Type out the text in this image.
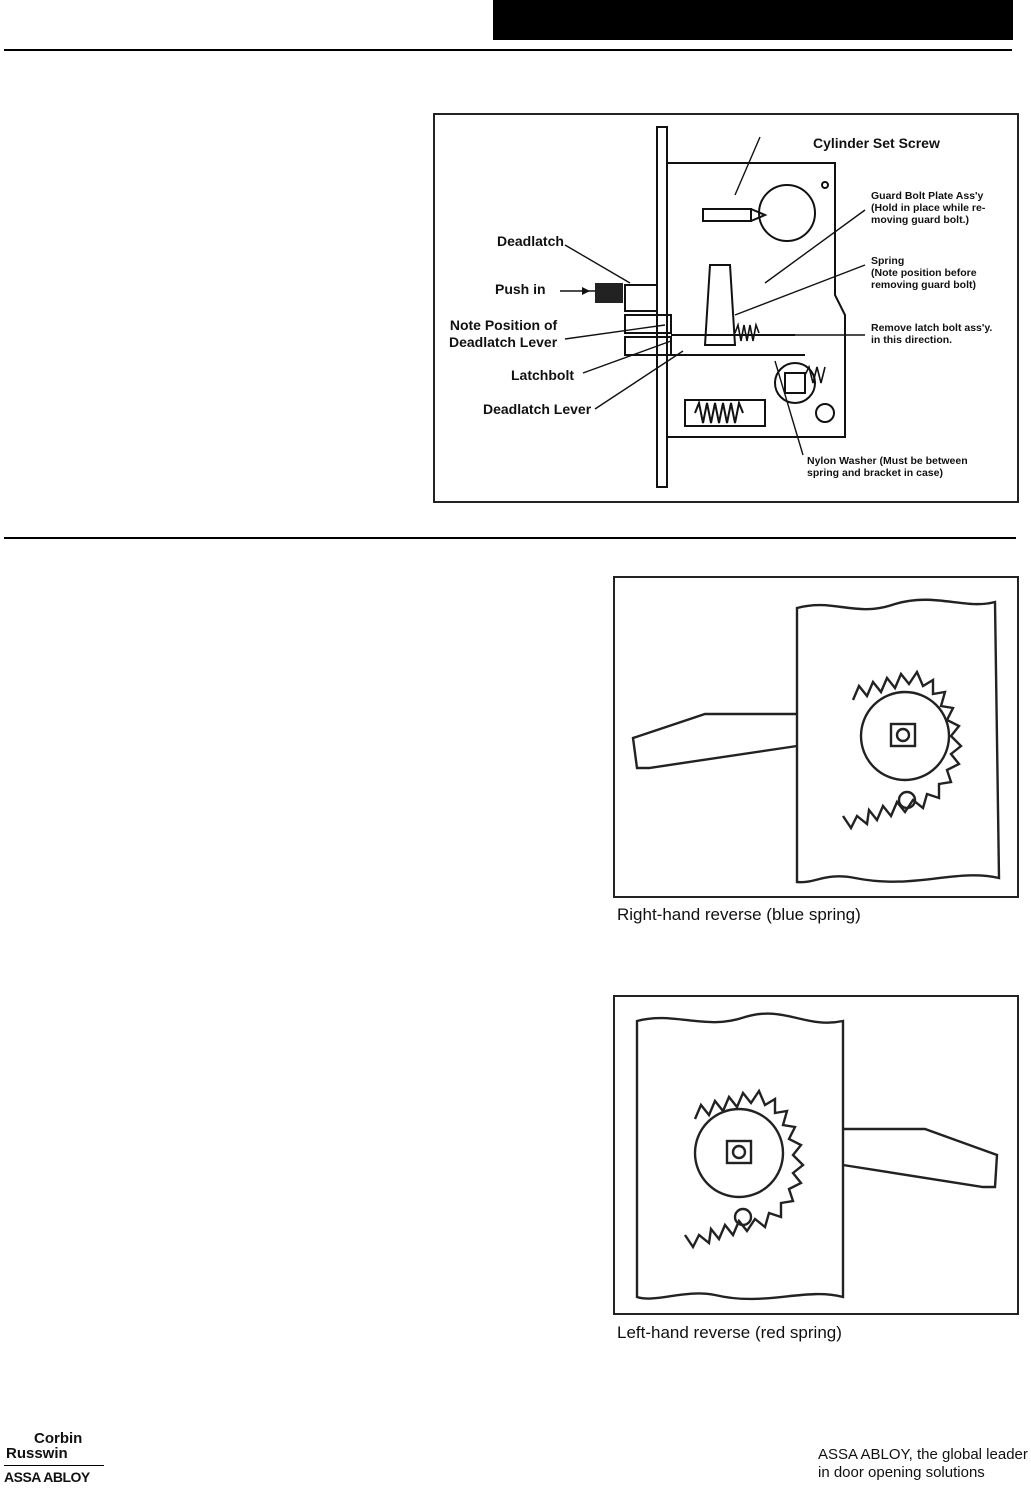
Cylinder Set Screw
Guard Bolt Plate Ass'y
(Hold in place while re-
moving guard bolt.)
Spring
(Note position before
removing guard bolt)
Remove latch bolt ass'y.
in this direction.
Nylon Washer (Must be between
spring and bracket in case)
Deadlatch
Push in
Note Position of
Deadlatch Lever
Latchbolt
Deadlatch Lever
Right-hand reverse (blue spring)
Left-hand reverse (red spring)
Corbin
Russwin
ASSA ABLOY
ASSA ABLOY, the global leader
in door opening solutions
